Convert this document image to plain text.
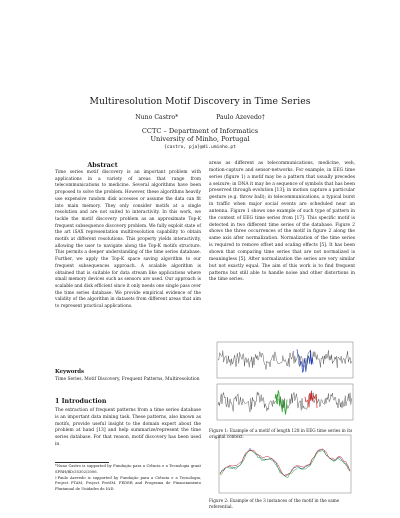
Multiresolution Motif Discovery in Time Series
Nuno Castro*	Paulo Azevedo†
CCTC – Department of Informatics
University of Minho, Portugal
{castro, pja}@di.uminho.pt
Abstract
Time series motif discovery is an important problem with applications in a variety of areas that range from telecommunications to medicine. Several algorithms have been proposed to solve the problem. However, these algorithms heavily use expensive random disk accesses or assume the data can fit into main memory. They only consider motifs at a single resolution and are not suited to interactivity. In this work, we tackle the motif discovery problem as an approximate Top-K frequent subsequence discovery problem. We fully exploit state of the art iSAX representation multiresolution capability to obtain motifs at different resolutions. This property yields interactivity, allowing the user to navigate along the Top-K motifs structure. This permits a deeper understanding of the time series database. Further, we apply the Top-K space saving algorithm to our frequent subsequences approach. A scalable algorithm is obtained that is suitable for data stream like applications where small memory devices such as sensors are used. Our approach is scalable and disk efficient since it only needs one single pass over the time series database. We provide empirical evidence of the validity of the algorithm in datasets from different areas that aim to represent practical applications.
Keywords
Time Series, Motif Discovery, Frequent Patterns, Multiresolution
1 Introduction
The extraction of frequent patterns from a time series database is an important data mining task. These patterns, also known as motifs, provide useful insight to the domain expert about the problem at hand [13] and help summarize/represent the time series database. For that reason, motif discovery has been used in

*Nuno Castro is supported by Fundação para a Ciência e a Tecnologia grant SFRH/BD/35302/2006.

†Paulo Azevedo is supported by Fundação para a Ciência e a Tecnologia, Project PTAM, Project ProtIM, FEDER and Programa de Financiamento Plurianual de Unidades de I&D.

areas as different as telecommunications, medicine, web, motion-capture and sensor-networks. For example, in EEG time series (figure 1) a motif may be a pattern that usually precedes a seizure; in DNA it may be a sequence of symbols that has been preserved through evolution [13]; in motion capture a particular gesture (e.g. throw ball); in telecommunications, a typical burst in traffic when major social events are scheduled near an antenna. Figure 1 shows one example of such type of pattern in the context of EEG time series from [17]. This specific motif is detected in two different time series of the database. Figure 2 shows the three occurrences of the motif in figure 2 along the same axis after normalization. Normalization of the time series is required to remove offset and scaling effects [5]. It has been shown that comparing time series that are not normalized is meaningless [5]. After normalization the series are very similar but not exactly equal. The aim of this work is to find frequent patterns but still able to handle noise and other distortions in the time series.
Figure 1: Example of a motif of length 128 in EEG time series in its original context.
Figure 2: Example of the 3 instances of the motif in the same referential.
